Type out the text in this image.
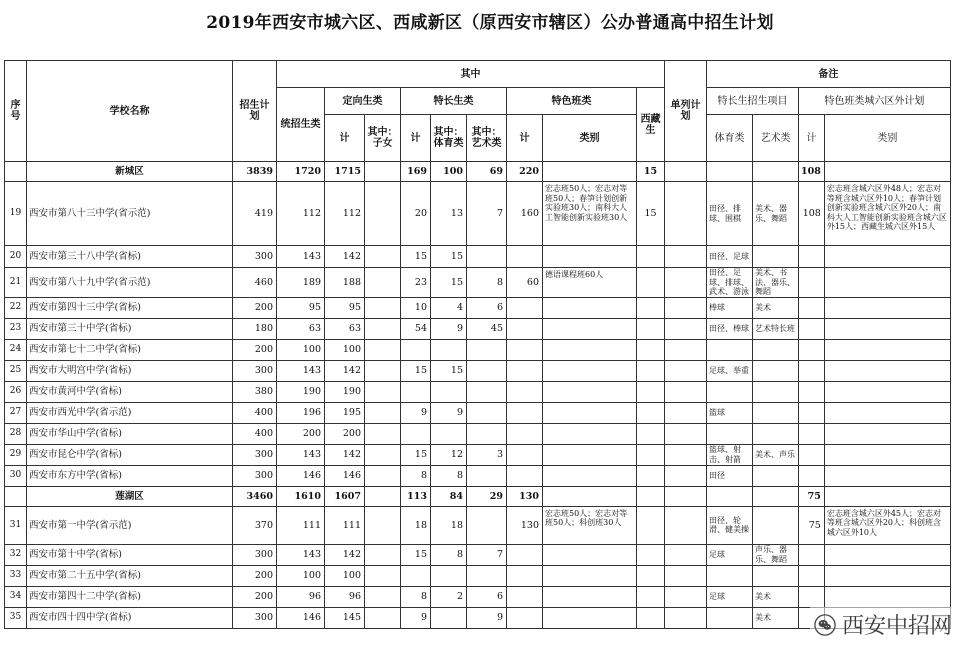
2019年西安市城六区、西咸新区（原西安市辖区）公办普通高中招生计划
序号	学校名称	招生计划	其中									单列计划	备注			
			统招生类	定向生类		特长生类			特色班类		西藏生		特长生招生项目		特色班类城六区外计划	
				计	其中：子女	计	其中：体育类	其中：艺术类	计	类别			体育类	艺术类	计	类别
	新城区	3839	1720	1715		169	100	69	220		15				108	
19	西安市第八十三中学(省示范)	419	112	112		20	13	7	160	宏志班50人；宏志对等班50人；春笋计划创新实验班30人；南科大人工智能创新实验班30人	15		田径、排球、围棋	美术、器乐、舞蹈	108	宏志班含城六区外48人；宏志对等班含城六区外10人；春笋计划创新实验班含城六区外20人；南科大人工智能创新实验班含城六区外15人；西藏生城六区外15人
20	西安市第三十八中学(省标)	300	143	142		15	15						田径、足球			
21	西安市第八十九中学(省示范)	460	189	188		23	15	8	60	德语课程班60人			田径、足球、排球、武术、游泳	美术、书法、器乐、舞蹈		
22	西安市第四十三中学(省标)	200	95	95		10	4	6					棒球	美术		
23	西安市第三十中学(省标)	180	63	63		54	9	45					田径、棒球	艺术特长班		
24	西安市第七十二中学(省标)	200	100	100												
25	西安市大明宫中学(省标)	300	143	142		15	15						足球、举重			
26	西安市黄河中学(省标)	380	190	190												
27	西安市西光中学(省示范)	400	196	195		9	9						篮球			
28	西安市华山中学(省标)	400	200	200												
29	西安市昆仑中学(省标)	300	143	142		15	12	3					篮球、射击、射箭	美术、声乐		
30	西安市东方中学(省标)	300	146	146		8	8						田径			
	莲湖区	3460	1610	1607		113	84	29	130						75	
31	西安市第一中学(省示范)	370	111	111		18	18		130	宏志班50人；宏志对等班50人；科创班30人			田径、轮滑、健美操		75	宏志班含城六区外45人；宏志对等班含城六区外20人；科创班含城六区外10人
32	西安市第十中学(省标)	300	143	142		15	8	7					足球	声乐、器乐、舞蹈		
33	西安市第二十五中学(省标)	200	100	100												
34	西安市第四十二中学(省标)	200	96	96		8	2	6					足球	美术		
35	西安市四十四中学(省标)	300	146	145		9		9						美术			西安中招网
